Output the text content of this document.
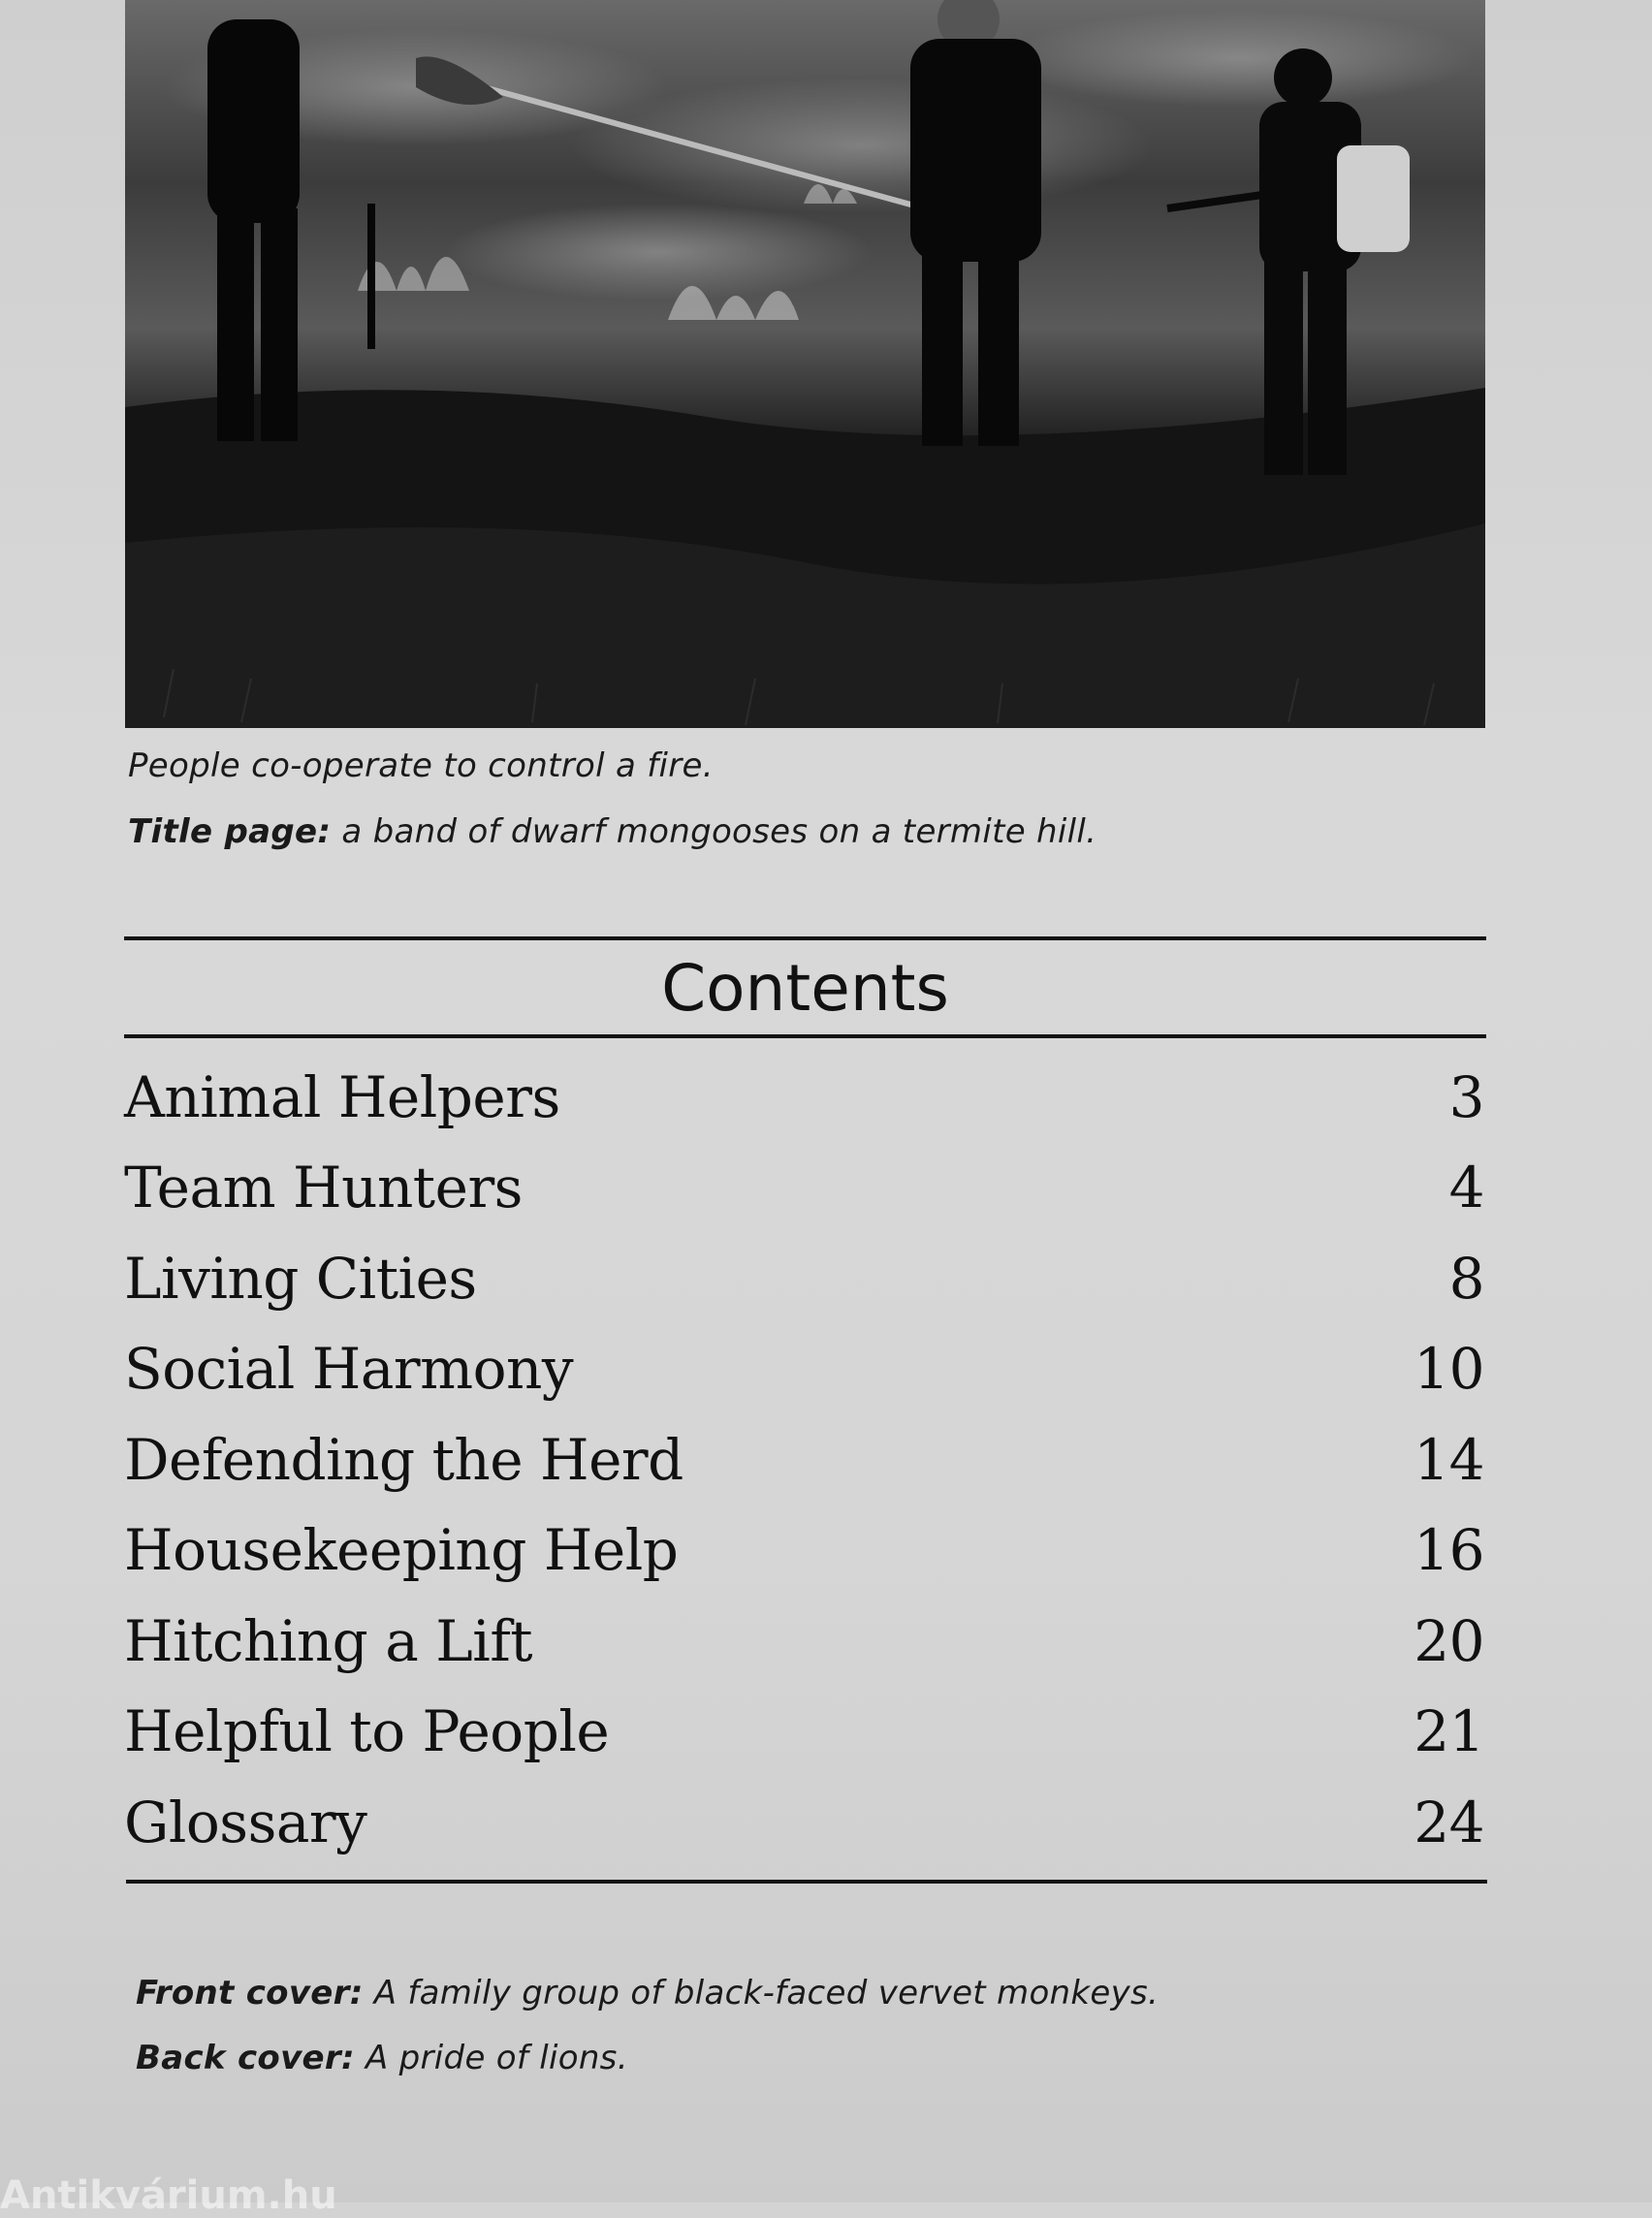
People co-operate to control a fire.
Title page: a band of dwarf mongooses on a termite hill.
Contents
Animal Helpers	3
Team Hunters	4
Living Cities	8
Social Harmony	10
Defending the Herd	14
Housekeeping Help	16
Hitching a Lift	20
Helpful to People	21
Glossary	24
Front cover: A family group of black-faced vervet monkeys.
Back cover: A pride of lions.
Antikvárium.hu
